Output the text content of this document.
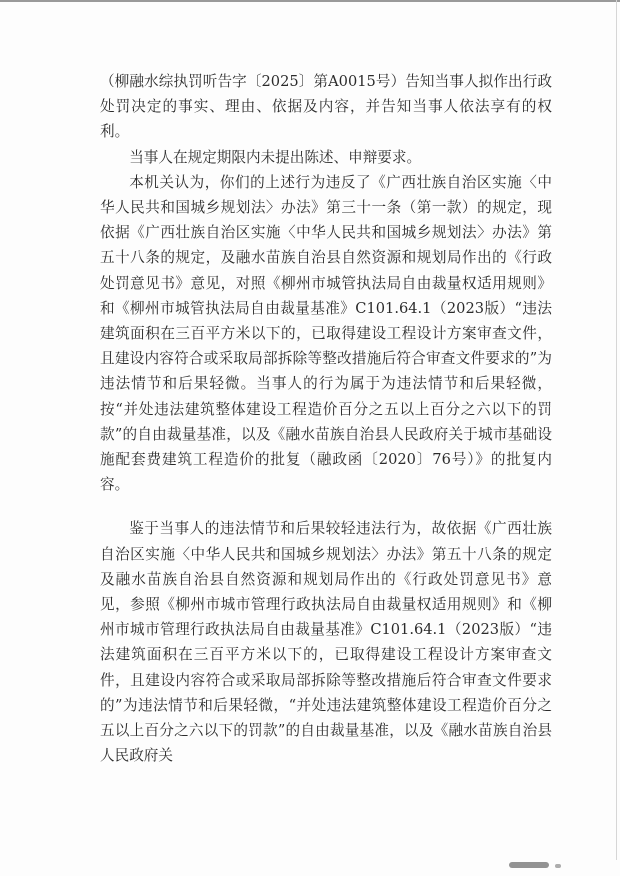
（柳融水综执罚听告字〔2025〕第A0015号）告知当事人拟作出行政处罚决定的事实、理由、依据及内容，并告知当事人依法享有的权利。

当事人在规定期限内未提出陈述、申辩要求。

本机关认为，你们的上述行为违反了《广西壮族自治区实施〈中华人民共和国城乡规划法〉办法》第三十一条（第一款）的规定，现依据《广西壮族自治区实施〈中华人民共和国城乡规划法〉办法》第五十八条的规定，及融水苗族自治县自然资源和规划局作出的《行政处罚意见书》意见，对照《柳州市城管执法局自由裁量权适用规则》和《柳州市城管执法局自由裁量基准》C101.64.1（2023版）“违法建筑面积在三百平方米以下的，已取得建设工程设计方案审查文件，且建设内容符合或采取局部拆除等整改措施后符合审查文件要求的”为违法情节和后果轻微。当事人的行为属于为违法情节和后果轻微，按“并处违法建筑整体建设工程造价百分之五以上百分之六以下的罚款”的自由裁量基准，以及《融水苗族自治县人民政府关于城市基础设施配套费建筑工程造价的批复（融政函〔2020〕76号）》的批复内容。

鉴于当事人的违法情节和后果较轻违法行为，故依据《广西壮族自治区实施〈中华人民共和国城乡规划法〉办法》第五十八条的规定及融水苗族自治县自然资源和规划局作出的《行政处罚意见书》意见，参照《柳州市城市管理行政执法局自由裁量权适用规则》和《柳州市城市管理行政执法局自由裁量基准》C101.64.1（2023版）“违法建筑面积在三百平方米以下的，已取得建设工程设计方案审查文件，且建设内容符合或采取局部拆除等整改措施后符合审查文件要求的”为违法情节和后果轻微，“并处违法建筑整体建设工程造价百分之五以上百分之六以下的罚款”的自由裁量基准，以及《融水苗族自治县人民政府关
